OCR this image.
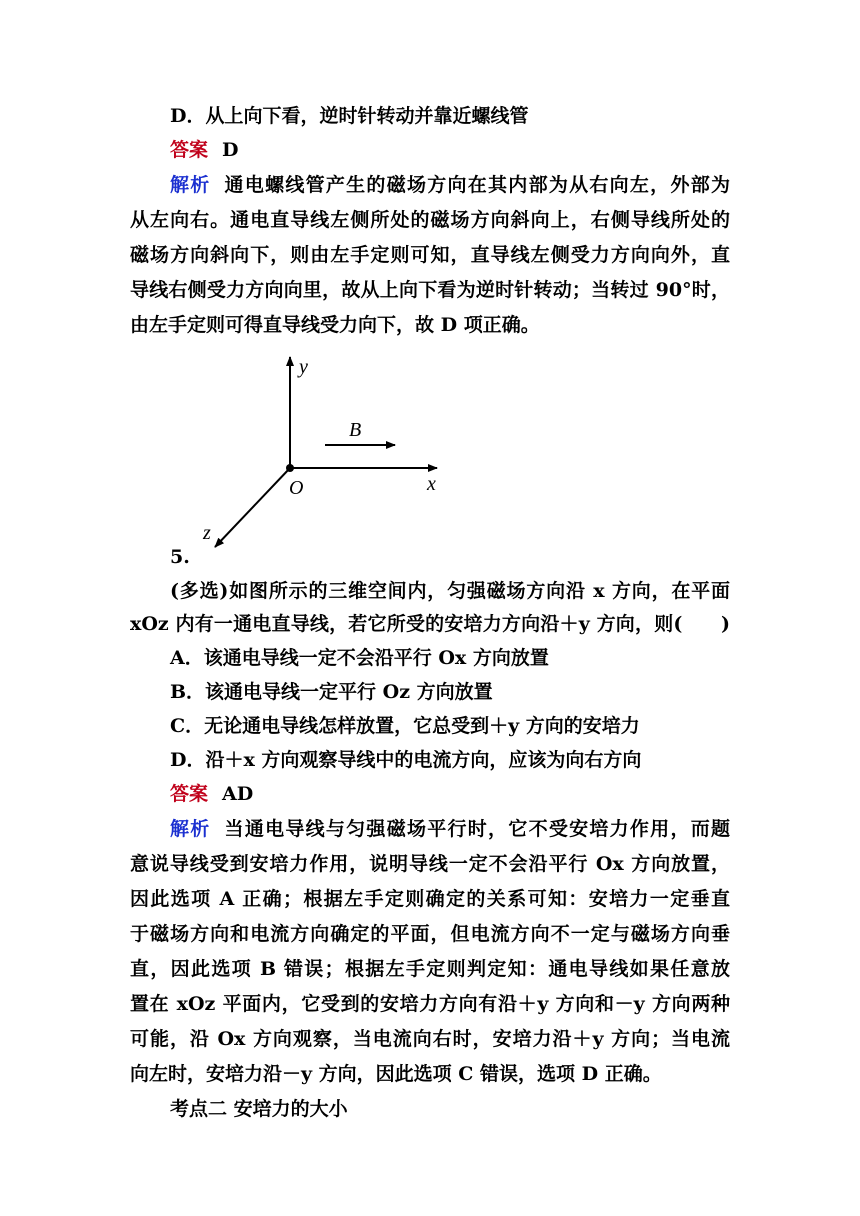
D．从上向下看，逆时针转动并靠近螺线管
答案 D
解析 通电螺线管产生的磁场方向在其内部为从右向左，外部为
从左向右。通电直导线左侧所处的磁场方向斜向上，右侧导线所处的
磁场方向斜向下，则由左手定则可知，直导线左侧受力方向向外，直
导线右侧受力方向向里，故从上向下看为逆时针转动；当转过 90°时，
由左手定则可得直导线受力向下，故 D 项正确。
y
x
z
O
B
5.
(多选)如图所示的三维空间内，匀强磁场方向沿 x 方向，在平面
xOz 内有一通电直导线，若它所受的安培力方向沿＋y 方向，则(　　)
A．该通电导线一定不会沿平行 Ox 方向放置
B．该通电导线一定平行 Oz 方向放置
C．无论通电导线怎样放置，它总受到＋y 方向的安培力
D．沿＋x 方向观察导线中的电流方向，应该为向右方向
答案 AD
解析 当通电导线与匀强磁场平行时，它不受安培力作用，而题
意说导线受到安培力作用，说明导线一定不会沿平行 Ox 方向放置，
因此选项 A 正确；根据左手定则确定的关系可知：安培力一定垂直
于磁场方向和电流方向确定的平面，但电流方向不一定与磁场方向垂
直，因此选项 B 错误；根据左手定则判定知：通电导线如果任意放
置在 xOz 平面内，它受到的安培力方向有沿＋y 方向和－y 方向两种
可能，沿 Ox 方向观察，当电流向右时，安培力沿＋y 方向；当电流
向左时，安培力沿－y 方向，因此选项 C 错误，选项 D 正确。
考点二 安培力的大小
